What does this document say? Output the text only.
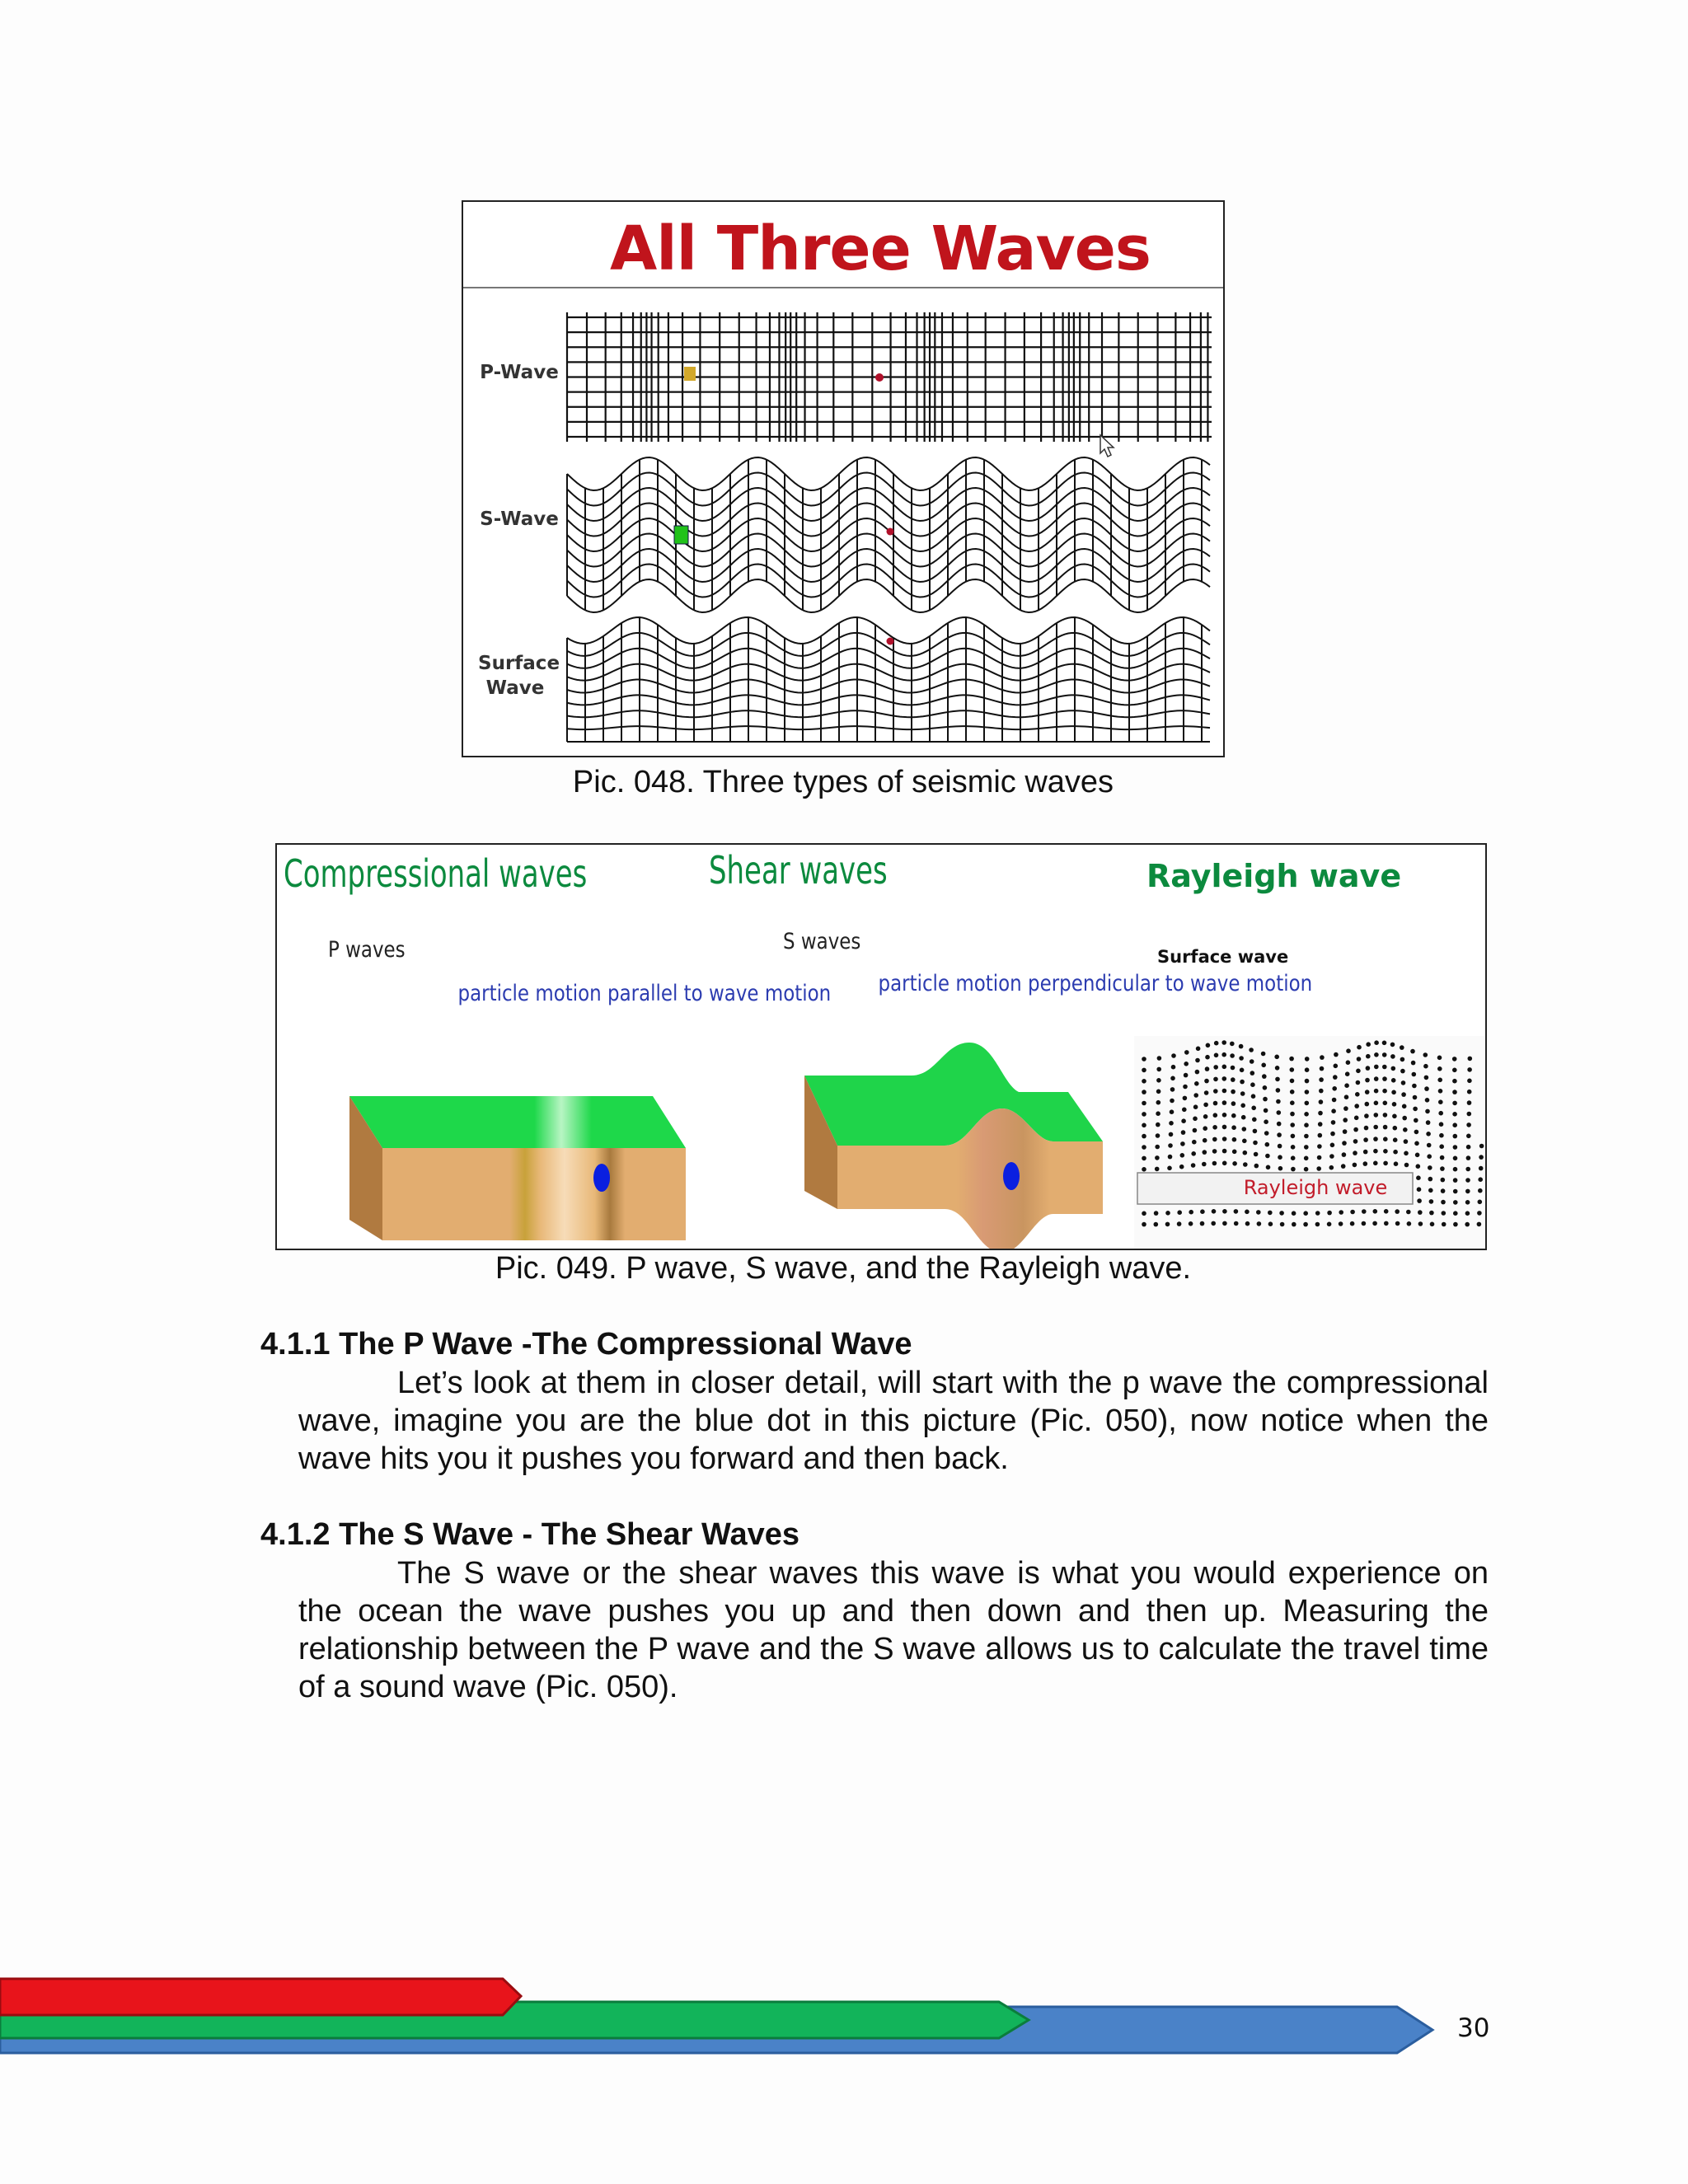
All Three Waves
P-Wave
S-Wave
Surface Wave
Pic. 048. Three types of seismic waves
Compressional waves
P waves
particle motion parallel to wave motion
Shear waves
S waves
particle motion perpendicular to wave motion
Rayleigh wave
Surface wave
Rayleigh wave
Pic. 049. P wave, S wave, and the Rayleigh wave.
4.1.1 The P Wave -The Compressional Wave
Let’s look at them in closer detail, will start with the p wave the compressional wave, imagine you are the blue dot in this picture (Pic. 050), now notice when the wave hits you it pushes you forward and then back.
4.1.2 The S Wave - The Shear Waves
The S wave or the shear waves this wave is what you would experience on the ocean the wave pushes you up and then down and then up. Measuring the relationship between the P wave and the S wave allows us to calculate the travel time of a sound wave (Pic. 050).
30
